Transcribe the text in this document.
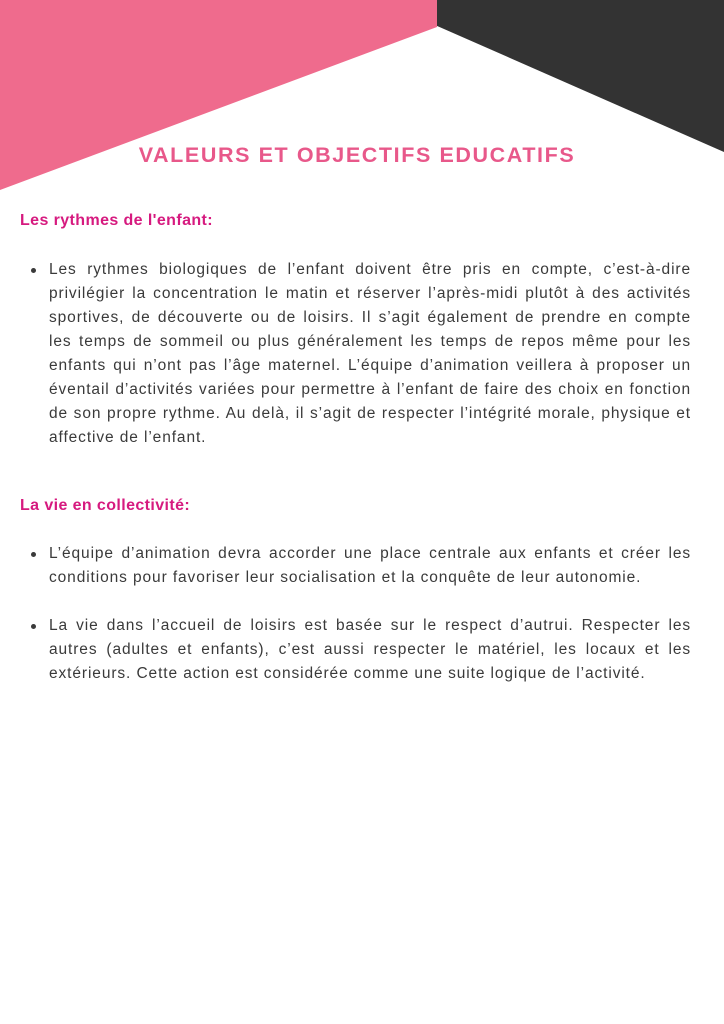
VALEURS ET OBJECTIFS EDUCATIFS
Les rythmes de l'enfant:
Les rythmes biologiques de l’enfant doivent être pris en compte, c’est-à-dire privilégier la concentration le matin et réserver l’après-midi plutôt à des activités sportives, de découverte ou de loisirs. Il s’agit également de prendre en compte les temps de sommeil ou plus généralement les temps de repos même pour les enfants qui n’ont pas l’âge maternel. L’équipe d’animation veillera à proposer un éventail d’activités variées pour permettre à l’enfant de faire des choix en fonction de son propre rythme. Au delà, il s’agit de respecter l’intégrité morale, physique et affective de l’enfant.
La vie en collectivité:
L’équipe d’animation devra accorder une place centrale aux enfants et créer les conditions pour favoriser leur socialisation et la conquête de leur autonomie.
La vie dans l’accueil de loisirs est basée sur le respect d’autrui. Respecter les autres (adultes et enfants), c’est aussi respecter le matériel, les locaux et les extérieurs. Cette action est considérée comme une suite logique de l’activité.
